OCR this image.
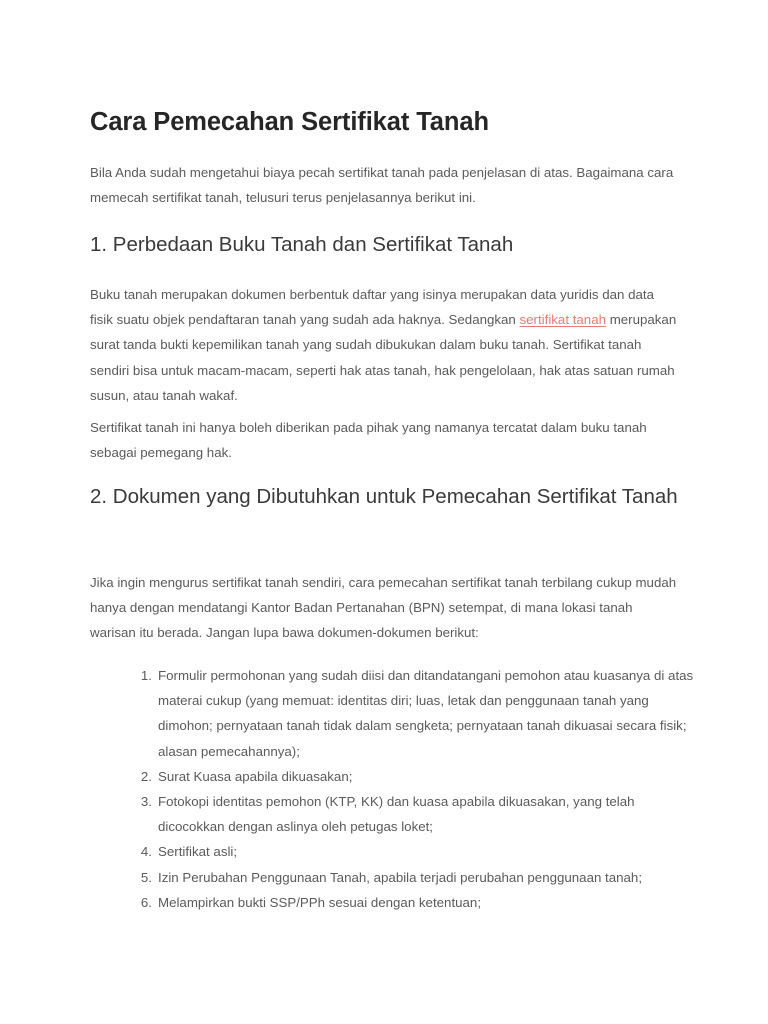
Cara Pemecahan Sertifikat Tanah

Bila Anda sudah mengetahui biaya pecah sertifikat tanah pada penjelasan di atas. Bagaimana cara memecah sertifikat tanah, telusuri terus penjelasannya berikut ini.

1. Perbedaan Buku Tanah dan Sertifikat Tanah

Buku tanah merupakan dokumen berbentuk daftar yang isinya merupakan data yuridis dan data fisik suatu objek pendaftaran tanah yang sudah ada haknya. Sedangkan sertifikat tanah merupakan surat tanda bukti kepemilikan tanah yang sudah dibukukan dalam buku tanah. Sertifikat tanah sendiri bisa untuk macam-macam, seperti hak atas tanah, hak pengelolaan, hak atas satuan rumah susun, atau tanah wakaf.

Sertifikat tanah ini hanya boleh diberikan pada pihak yang namanya tercatat dalam buku tanah sebagai pemegang hak.

2. Dokumen yang Dibutuhkan untuk Pemecahan Sertifikat Tanah

Jika ingin mengurus sertifikat tanah sendiri, cara pemecahan sertifikat tanah terbilang cukup mudah hanya dengan mendatangi Kantor Badan Pertanahan (BPN) setempat, di mana lokasi tanah warisan itu berada. Jangan lupa bawa dokumen-dokumen berikut:

Formulir permohonan yang sudah diisi dan ditandatangani pemohon atau kuasanya di atas materai cukup (yang memuat: identitas diri; luas, letak dan penggunaan tanah yang dimohon; pernyataan tanah tidak dalam sengketa; pernyataan tanah dikuasai secara fisik; alasan pemecahannya);
Surat Kuasa apabila dikuasakan;
Fotokopi identitas pemohon (KTP, KK) dan kuasa apabila dikuasakan, yang telah dicocokkan dengan aslinya oleh petugas loket;
Sertifikat asli;
Izin Perubahan Penggunaan Tanah, apabila terjadi perubahan penggunaan tanah;
Melampirkan bukti SSP/PPh sesuai dengan ketentuan;
